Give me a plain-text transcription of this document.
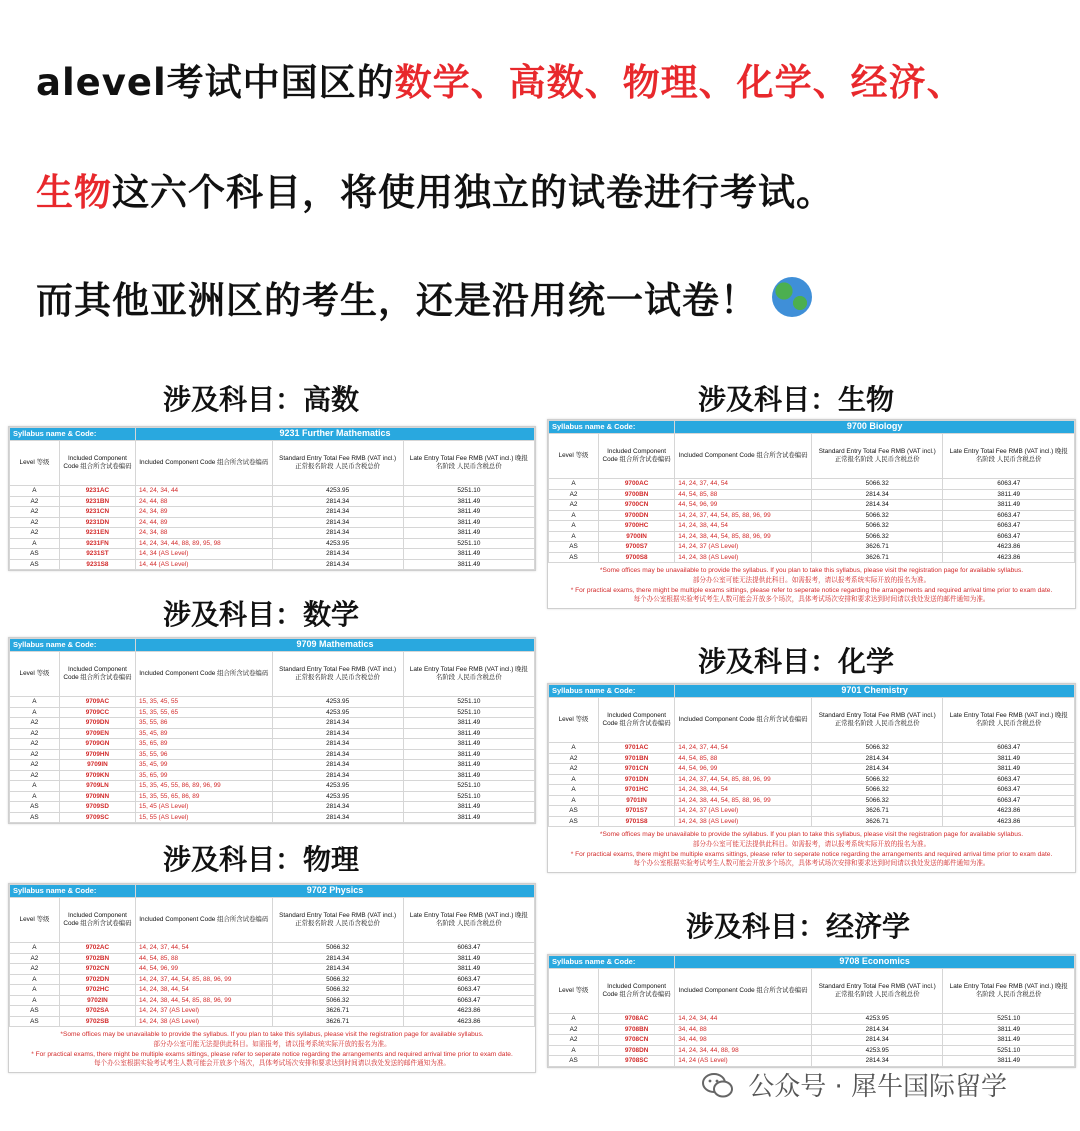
alevel考试中国区的数学、高数、物理、化学、经济、
生物这六个科目，将使用独立的试卷进行考试。
而其他亚洲区的考生，还是沿用统一试卷！
涉及科目：高数	涉及科目：生物
涉及科目：数学
涉及科目：化学
涉及科目：物理
涉及科目：经济学
Syllabus name & Code:		9231 Further Mathematics		
Level 等级	Included Component Code 组合所含试卷编码	Included Component Code 组合所含试卷编码	Standard Entry Total Fee RMB (VAT incl.) 正常报名阶段 人民币含税总价	Late Entry Total Fee RMB (VAT incl.) 晚报名阶段 人民币含税总价
A	9231AC	14, 24, 34, 44	4253.95	5251.10
A2	9231BN	24, 44, 88	2814.34	3811.49
A2	9231CN	24, 34, 89	2814.34	3811.49
A2	9231DN	24, 44, 89	2814.34	3811.49
A2	9231EN	24, 34, 88	2814.34	3811.49
A	9231FN	14, 24, 34, 44, 88, 89, 95, 98	4253.95	5251.10
AS	9231ST	14, 34 (AS Level)	2814.34	3811.49
AS	9231S8	14, 44 (AS Level)	2814.34	3811.49
Syllabus name & Code:		9709 Mathematics		
Level 等级	Included Component Code 组合所含试卷编码	Included Component Code 组合所含试卷编码	Standard Entry Total Fee RMB (VAT incl.) 正常报名阶段 人民币含税总价	Late Entry Total Fee RMB (VAT incl.) 晚报名阶段 人民币含税总价
A	9709AC	15, 35, 45, 55	4253.95	5251.10
A	9709CC	15, 35, 55, 65	4253.95	5251.10
A2	9709DN	35, 55, 86	2814.34	3811.49
A2	9709EN	35, 45, 89	2814.34	3811.49
A2	9709GN	35, 65, 89	2814.34	3811.49
A2	9709HN	35, 55, 96	2814.34	3811.49
A2	9709IN	35, 45, 99	2814.34	3811.49
A2	9709KN	35, 65, 99	2814.34	3811.49
A	9709LN	15, 35, 45, 55, 86, 89, 96, 99	4253.95	5251.10
A	9709NN	15, 35, 55, 65, 86, 89	4253.95	5251.10
AS	9709SD	15, 45 (AS Level)	2814.34	3811.49
AS	9709SC	15, 55 (AS Level)	2814.34	3811.49
Syllabus name & Code:		9702 Physics		
Level 等级	Included Component Code 组合所含试卷编码	Included Component Code 组合所含试卷编码	Standard Entry Total Fee RMB (VAT incl.) 正常报名阶段 人民币含税总价	Late Entry Total Fee RMB (VAT incl.) 晚报名阶段 人民币含税总价
A	9702AC	14, 24, 37, 44, 54	5066.32	6063.47
A2	9702BN	44, 54, 85, 88	2814.34	3811.49
A2	9702CN	44, 54, 96, 99	2814.34	3811.49
A	9702DN	14, 24, 37, 44, 54, 85, 88, 96, 99	5066.32	6063.47
A	9702HC	14, 24, 38, 44, 54	5066.32	6063.47
A	9702IN	14, 24, 38, 44, 54, 85, 88, 96, 99	5066.32	6063.47
AS	9702SA	14, 24, 37 (AS Level)	3626.71	4623.86
AS	9702SB	14, 24, 38 (AS Level)	3626.71	4623.86
*Some offices may be unavailable to provide the syllabus. If you plan to take this syllabus, please visit the registration page for available syllabus.
部分办公室可能无法提供此科目。如需报考，请以报考系统实际开放的报名为准。
* For practical exams, there might be multiple exams sittings, please refer to seperate notice regarding the arrangements and required arrival time prior to exam date.
每个办公室根据实验考试考生人数可能会开放多个场次，具体考试场次安排和要求达到时间请以我处发送的邮件通知为准。
Syllabus name & Code:		9700 Biology		
Level 等级	Included Component Code 组合所含试卷编码	Included Component Code 组合所含试卷编码	Standard Entry Total Fee RMB (VAT incl.) 正常报名阶段 人民币含税总价	Late Entry Total Fee RMB (VAT incl.) 晚报名阶段 人民币含税总价
A	9700AC	14, 24, 37, 44, 54	5066.32	6063.47
A2	9700BN	44, 54, 85, 88	2814.34	3811.49
A2	9700CN	44, 54, 96, 99	2814.34	3811.49
A	9700DN	14, 24, 37, 44, 54, 85, 88, 96, 99	5066.32	6063.47
A	9700HC	14, 24, 38, 44, 54	5066.32	6063.47
A	9700IN	14, 24, 38, 44, 54, 85, 88, 96, 99	5066.32	6063.47
AS	9700S7	14, 24, 37 (AS Level)	3626.71	4623.86
AS	9700S8	14, 24, 38 (AS Level)	3626.71	4623.86
*Some offices may be unavailable to provide the syllabus. If you plan to take this syllabus, please visit the registration page for available syllabus.
部分办公室可能无法提供此科目。如需报考，请以报考系统实际开放的报名为准。
* For practical exams, there might be multiple exams sittings, please refer to seperate notice regarding the arrangements and required arrival time prior to exam date.
每个办公室根据实验考试考生人数可能会开放多个场次，具体考试场次安排和要求达到时间请以我处发送的邮件通知为准。
Syllabus name & Code:		9701 Chemistry		
Level 等级	Included Component Code 组合所含试卷编码	Included Component Code 组合所含试卷编码	Standard Entry Total Fee RMB (VAT incl.) 正常报名阶段 人民币含税总价	Late Entry Total Fee RMB (VAT incl.) 晚报名阶段 人民币含税总价
A	9701AC	14, 24, 37, 44, 54	5066.32	6063.47
A2	9701BN	44, 54, 85, 88	2814.34	3811.49
A2	9701CN	44, 54, 96, 99	2814.34	3811.49
A	9701DN	14, 24, 37, 44, 54, 85, 88, 96, 99	5066.32	6063.47
A	9701HC	14, 24, 38, 44, 54	5066.32	6063.47
A	9701IN	14, 24, 38, 44, 54, 85, 88, 96, 99	5066.32	6063.47
AS	9701S7	14, 24, 37 (AS Level)	3626.71	4623.86
AS	9701S8	14, 24, 38 (AS Level)	3626.71	4623.86
*Some offices may be unavailable to provide the syllabus. If you plan to take this syllabus, please visit the registration page for available syllabus.
部分办公室可能无法提供此科目。如需报考，请以报考系统实际开放的报名为准。
* For practical exams, there might be multiple exams sittings, please refer to seperate notice regarding the arrangements and required arrival time prior to exam date.
每个办公室根据实验考试考生人数可能会开放多个场次，具体考试场次安排和要求达到时间请以我处发送的邮件通知为准。
Syllabus name & Code:		9708 Economics		
Level 等级	Included Component Code 组合所含试卷编码	Included Component Code 组合所含试卷编码	Standard Entry Total Fee RMB (VAT incl.) 正常报名阶段 人民币含税总价	Late Entry Total Fee RMB (VAT incl.) 晚报名阶段 人民币含税总价
A	9708AC	14, 24, 34, 44	4253.95	5251.10
A2	9708BN	34, 44, 88	2814.34	3811.49
A2	9708CN	34, 44, 98	2814.34	3811.49
A	9708DN	14, 24, 34, 44, 88, 98	4253.95	5251.10
AS	9708SC	14, 24 (AS Level)	2814.34	3811.49
公众号 · 犀牛国际留学
